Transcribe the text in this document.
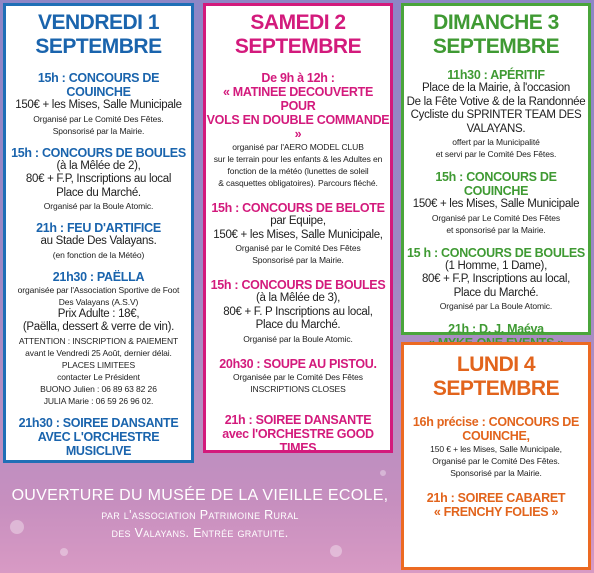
VENDREDI 1
SEPTEMBRE
15h : CONCOURS DE COUINCHE
150€ + les Mises, Salle Municipale
Organisé par Le Comité Des Fêtes.
Sponsorisé par la Mairie.
15h : CONCOURS DE BOULES
(à la Mêlée de 2),
80€ + F.P, Inscriptions au local
Place du Marché.
Organisé par la Boule Atomic.
21h : FEU D'ARTIFICE
au Stade Des Valayans.
(en fonction de la Météo)
21h30 : PAËLLA
organisée par l'Association Sportive de Foot
Des Valayans (A.S.V)
Prix Adulte : 18€,
(Paëlla, dessert & verre de vin).
ATTENTION : INSCRIPTION & PAIEMENT
avant le Vendredi 25 Août, dernier délai.
PLACES LIMITEES
contacter Le Président
BUONO Julien : 06 89 63 82 26
JULIA Marie : 06 59 26 96 02.
21h30 : SOIREE DANSANTE
AVEC L'ORCHESTRE MUSICLIVE
SAMEDI 2
SEPTEMBRE
De 9h à 12h :
« MATINEE DECOUVERTE POUR
VOLS EN DOUBLE COMMANDE »
organisé par l'AERO MODEL CLUB
sur le terrain pour les enfants & les Adultes en
fonction de la météo (lunettes de soleil
& casquettes obligatoires). Parcours fléché.
15h : CONCOURS DE BELOTE
par Equipe,
150€ + les Mises, Salle Municipale,
Organisé par le Comité Des Fêtes
Sponsorisé par la Mairie.
15h : CONCOURS DE BOULES
(à la Mêlée de 3),
80€ + F. P Inscriptions au local,
Place du Marché.
Organisé par la Boule Atomic.
20h30 : SOUPE AU PISTOU.
Organisée par le Comité Des Fêtes
INSCRIPTIONS CLOSES
21h : SOIREE DANSANTE
avec l'ORCHESTRE GOOD TIMES
DIMANCHE 3
SEPTEMBRE
11h30 : APÉRITIF
Place de la Mairie, à l'occasion
De la Fête Votive & de la Randonnée
Cycliste du SPRINTER TEAM DES
VALAYANS.
offert par la Municipalité
et servi par le Comité Des Fêtes.
15h : CONCOURS DE COUINCHE
150€ + les Mises, Salle Municipale
Organisé par Le Comité Des Fêtes
et sponsorisé par la Mairie.
15 h : CONCOURS DE BOULES
(1 Homme, 1 Dame),
80€ + F.P, Inscriptions au local,
Place du Marché.
Organisé par La Boule Atomic.
21h : D. J. Maéva
LUNDI 4
SEPTEMBRE
16h précise : CONCOURS DE
COUINCHE,
150 € + les Mises, Salle Municipale,
Organisé par le Comité Des Fêtes.
Sponsorisé par la Mairie.
21h : SOIREE CABARET
« FRENCHY FOLIES »
OUVERTURE DU MUSÉE DE LA VIEILLE ECOLE,
par l'association Patrimoine Rural
des Valayans. Entrée gratuite.
